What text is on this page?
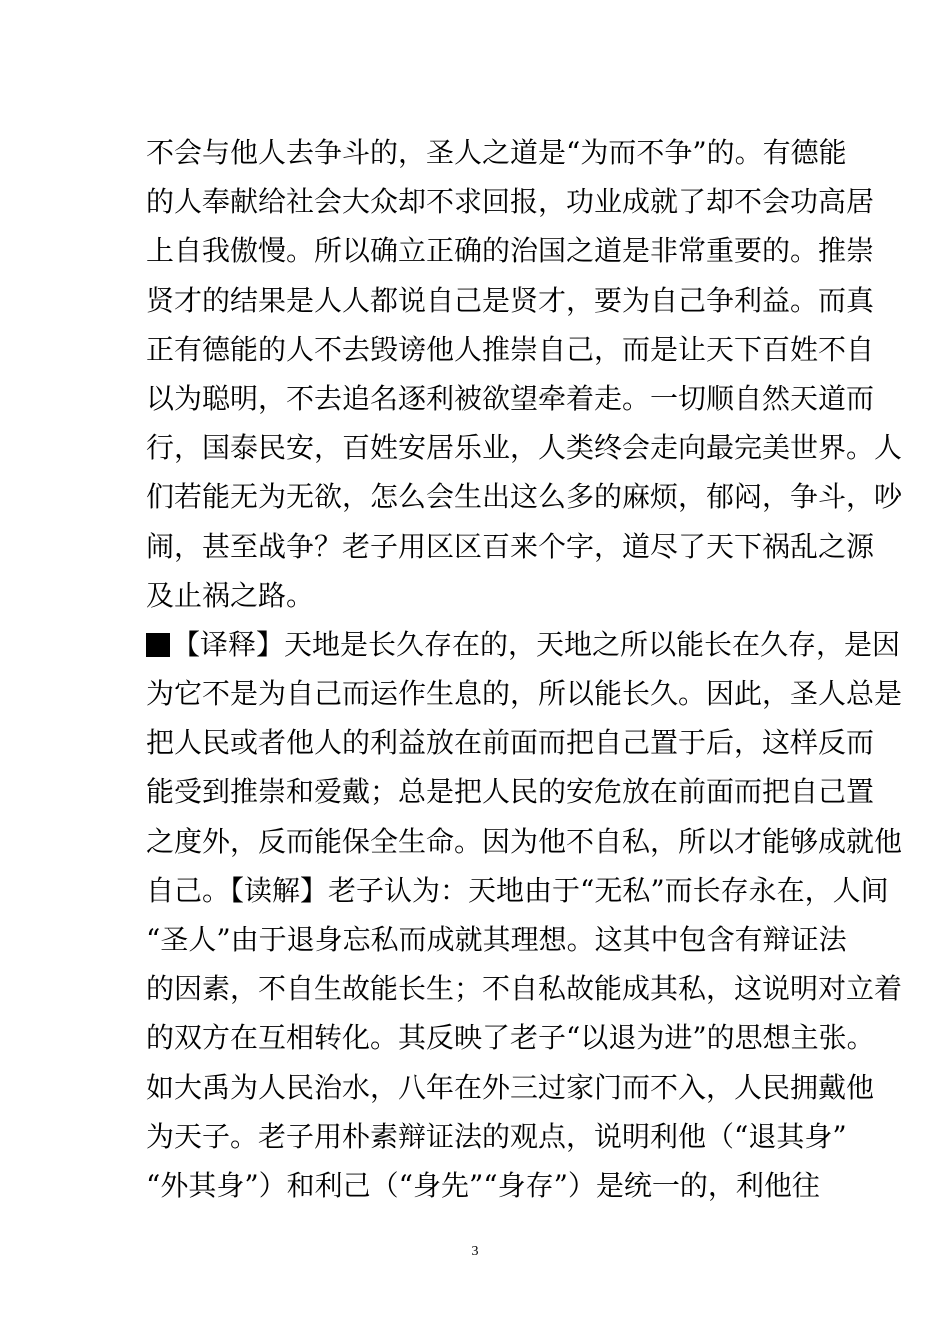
不会与他人去争斗的，圣人之道是“为而不争”的。有德能
的人奉献给社会大众却不求回报，功业成就了却不会功高居
上自我傲慢。所以确立正确的治国之道是非常重要的。推崇
贤才的结果是人人都说自己是贤才，要为自己争利益。而真
正有德能的人不去毁谤他人推崇自己，而是让天下百姓不自
以为聪明，不去追名逐利被欲望牵着走。一切顺自然天道而
行，国泰民安，百姓安居乐业，人类终会走向最完美世界。人
们若能无为无欲，怎么会生出这么多的麻烦，郁闷，争斗，吵
闹，甚至战争？老子用区区百来个字，道尽了天下祸乱之源
及止祸之路。
【译释】天地是长久存在的，天地之所以能长在久存，是因
为它不是为自己而运作生息的，所以能长久。因此，圣人总是
把人民或者他人的利益放在前面而把自己置于后，这样反而
能受到推崇和爱戴；总是把人民的安危放在前面而把自己置
之度外，反而能保全生命。因为他不自私，所以才能够成就他
自己。【读解】老子认为：天地由于“无私”而长存永在，人间
“圣人”由于退身忘私而成就其理想。这其中包含有辩证法
的因素，不自生故能长生；不自私故能成其私，这说明对立着
的双方在互相转化。其反映了老子“以退为进”的思想主张。
如大禹为人民治水，八年在外三过家门而不入，人民拥戴他
为天子。老子用朴素辩证法的观点，说明利他（“退其身”
“外其身”）和利己（“身先”“身存”）是统一的，利他往
3
